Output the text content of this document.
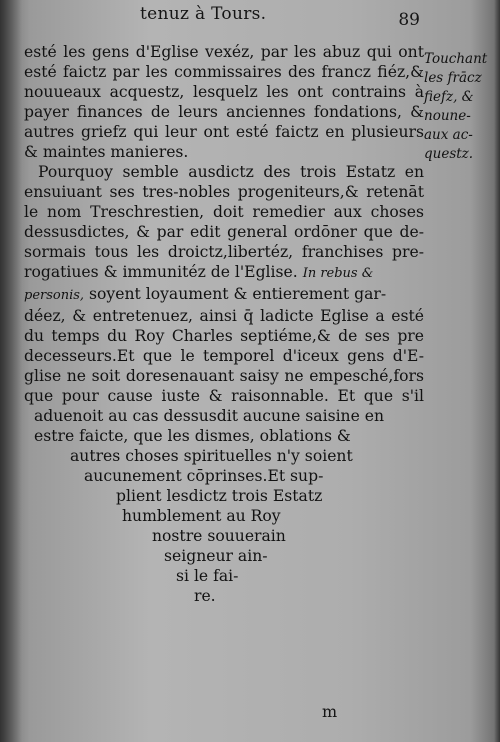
tenuz à Tours.	89
esté les gens d'Eglise vexéz, par les abuz qui ont
esté faictz par les commissaires des francz fiéz,&
nouueaux acquestz, lesquelz les ont contrains à
payer finances de leurs anciennes fondations, &
autres griefz qui leur ont esté faictz en plusieurs
& maintes manieres.
Pourquoy semble ausdictz des trois Estatz en
ensuiuant ses tres-nobles progeniteurs,& retenāt
le nom Treschrestien, doit remedier aux choses
dessusdictes, & par edit general ordōner que de-
sormais tous les droictz,libertéz, franchises pre-
rogatiues & immunitéz de l'Eglise. In rebus &
personis, soyent loyaument & entierement gar-
déez, & entretenuez, ainsi q̄ ladicte Eglise a esté
du temps du Roy Charles septiéme,& de ses pre
decesseurs.Et que le temporel d'iceux gens d'E-
glise ne soit doresenauant saisy ne empesché,fors
que pour cause iuste & raisonnable. Et que s'il
aduenoit au cas dessusdit aucune saisine en
estre faicte, que les dismes, oblations &
autres choses spirituelles n'y soient
aucunement cōprinses.Et sup-
plient lesdictz trois Estatz
humblement au Roy
nostre souuerain
seigneur ain-
si le fai-
re.
Touchant
les frācz
fiefz, &
noune-
aux ac-
questz.
m
